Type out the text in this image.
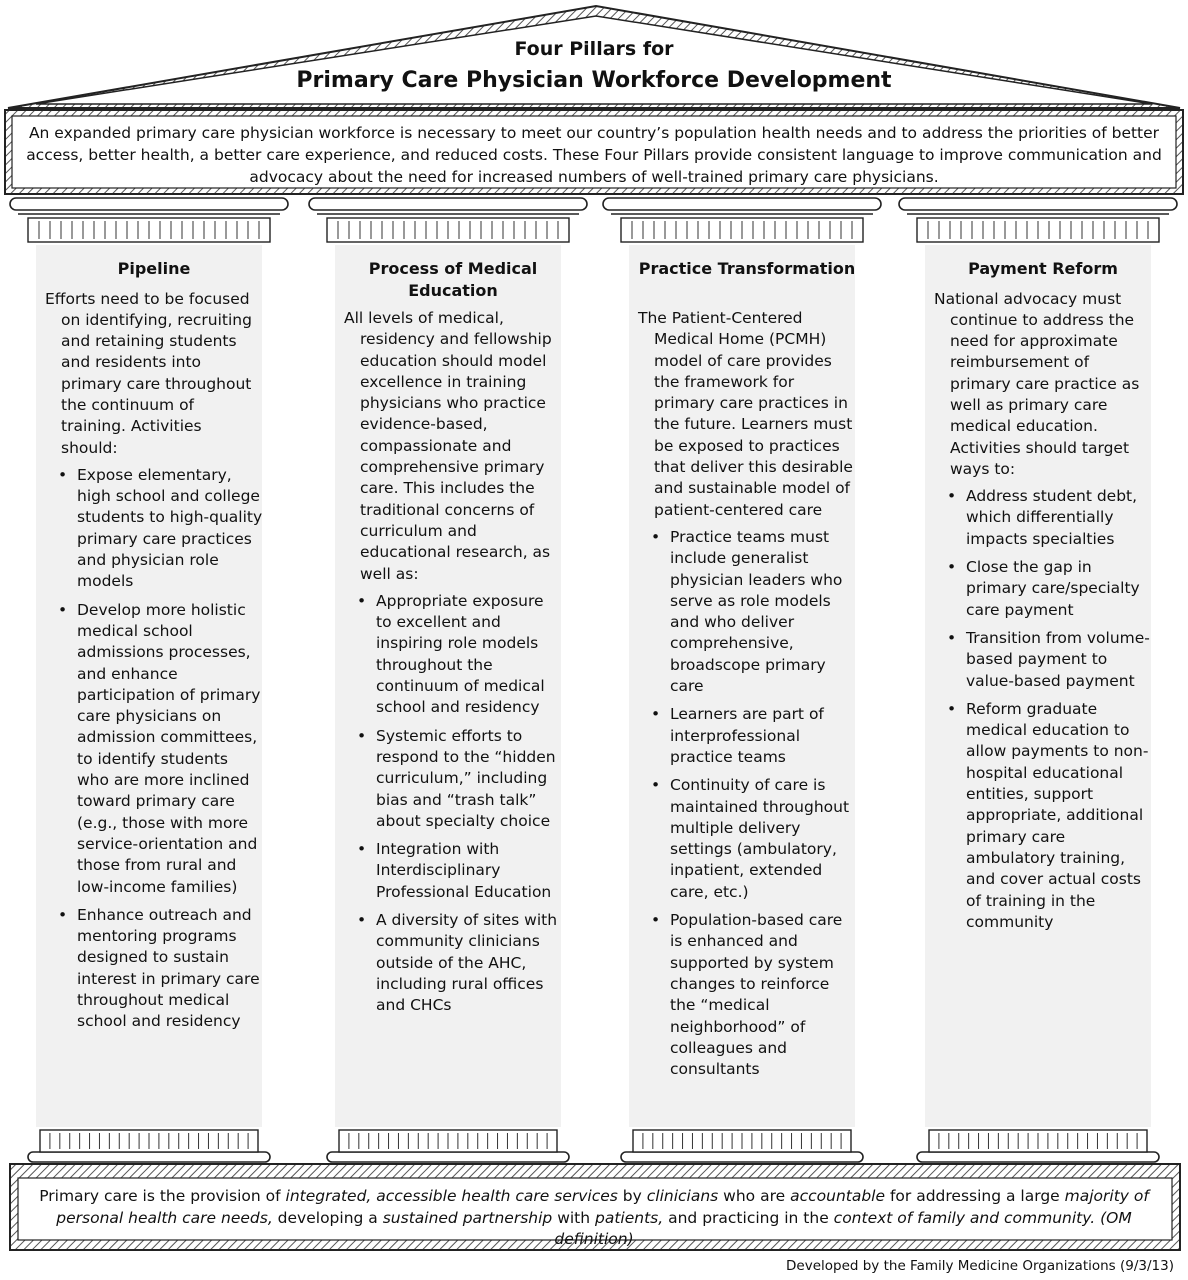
Four Pillars for
Primary Care Physician Workforce Development
An expanded primary care physician workforce is necessary to meet our country’s population health needs and to address the priorities of better access, better health, a better care experience, and reduced costs. These Four Pillars provide consistent language to improve communication and advocacy about the need for increased numbers of well-trained primary care physicians.
Pipeline

Efforts need to be focused on identifying, recruiting and retaining students and residents into primary care throughout the continuum of training. Activities should:

• Expose elementary, high school and college students to high-quality primary care practices and physician role models
• Develop more holistic medical school admissions processes, and enhance participation of primary care physicians on admission committees, to identify students who are more inclined toward primary care (e.g., those with more service-orientation and those from rural and low-income families)
• Enhance outreach and mentoring programs designed to sustain interest in primary care throughout medical school and residency
Process of Medical Education

All levels of medical, residency and fellowship education should model excellence in training physicians who practice evidence-based, compassionate and comprehensive primary care. This includes the traditional concerns of curriculum and educational research, as well as:

• Appropriate exposure to excellent and inspiring role models throughout the continuum of medical school and residency
• Systemic efforts to respond to the “hidden curriculum,” including bias and “trash talk” about specialty choice
• Integration with Interdisciplinary Professional Education
• A diversity of sites with community clinicians outside of the AHC, including rural offices and CHCs
Practice Transformation

The Patient-Centered Medical Home (PCMH) model of care provides the framework for primary care practices in the future. Learners must be exposed to practices that deliver this desirable and sustainable model of patient-centered care

• Practice teams must include generalist physician leaders who serve as role models and who deliver comprehensive, broadscope primary care
• Learners are part of interprofessional practice teams
• Continuity of care is maintained throughout multiple delivery settings (ambulatory, inpatient, extended care, etc.)
• Population-based care is enhanced and supported by system changes to reinforce the “medical neighborhood” of colleagues and consultants
Payment Reform

National advocacy must continue to address the need for approximate reimbursement of primary care practice as well as primary care medical education. Activities should target ways to:

• Address student debt, which differentially impacts specialties
• Close the gap in primary care/specialty care payment
• Transition from volume-based payment to value-based payment
• Reform graduate medical education to allow payments to non-hospital educational entities, support appropriate, additional primary care ambulatory training, and cover actual costs of training in the community
Primary care is the provision of integrated, accessible health care services by clinicians who are accountable for addressing a large majority of personal health care needs, developing a sustained partnership with patients, and practicing in the context of family and community. (OM definition)
Developed by the Family Medicine Organizations (9/3/13)
